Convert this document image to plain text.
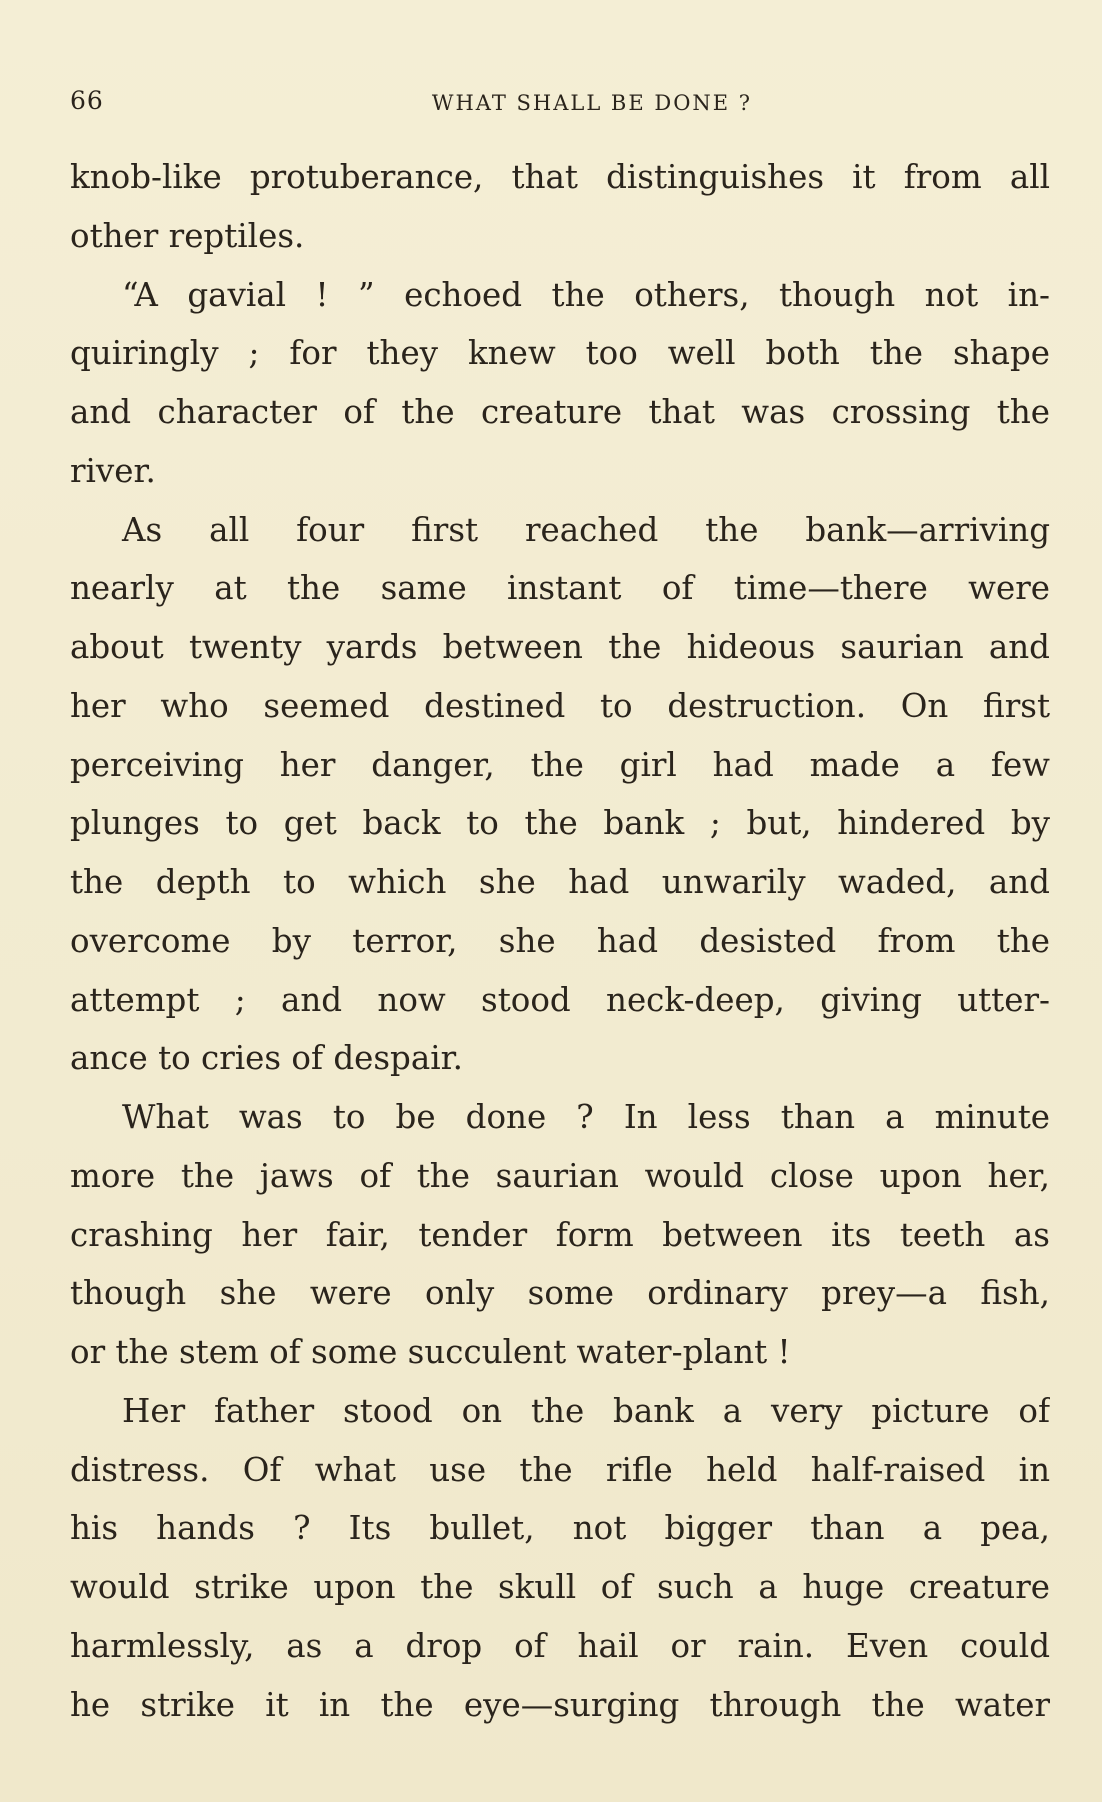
66	WHAT SHALL BE DONE ?
knob-like protuberance, that distinguishes it from all
other reptiles.
“A gavial ! ” echoed the others, though not in-
quiringly ; for they knew too well both the shape
and character of the creature that was crossing the
river.
As all four first reached the bank—arriving
nearly at the same instant of time—there were
about twenty yards between the hideous saurian and
her who seemed destined to destruction. On first
perceiving her danger, the girl had made a few
plunges to get back to the bank ; but, hindered by
the depth to which she had unwarily waded, and
overcome by terror, she had desisted from the
attempt ; and now stood neck-deep, giving utter-
ance to cries of despair.
What was to be done ? In less than a minute
more the jaws of the saurian would close upon her,
crashing her fair, tender form between its teeth as
though she were only some ordinary prey—a fish,
or the stem of some succulent water-plant !
Her father stood on the bank a very picture of
distress. Of what use the rifle held half-raised in
his hands ? Its bullet, not bigger than a pea,
would strike upon the skull of such a huge creature
harmlessly, as a drop of hail or rain. Even could
he strike it in the eye—surging through the water
